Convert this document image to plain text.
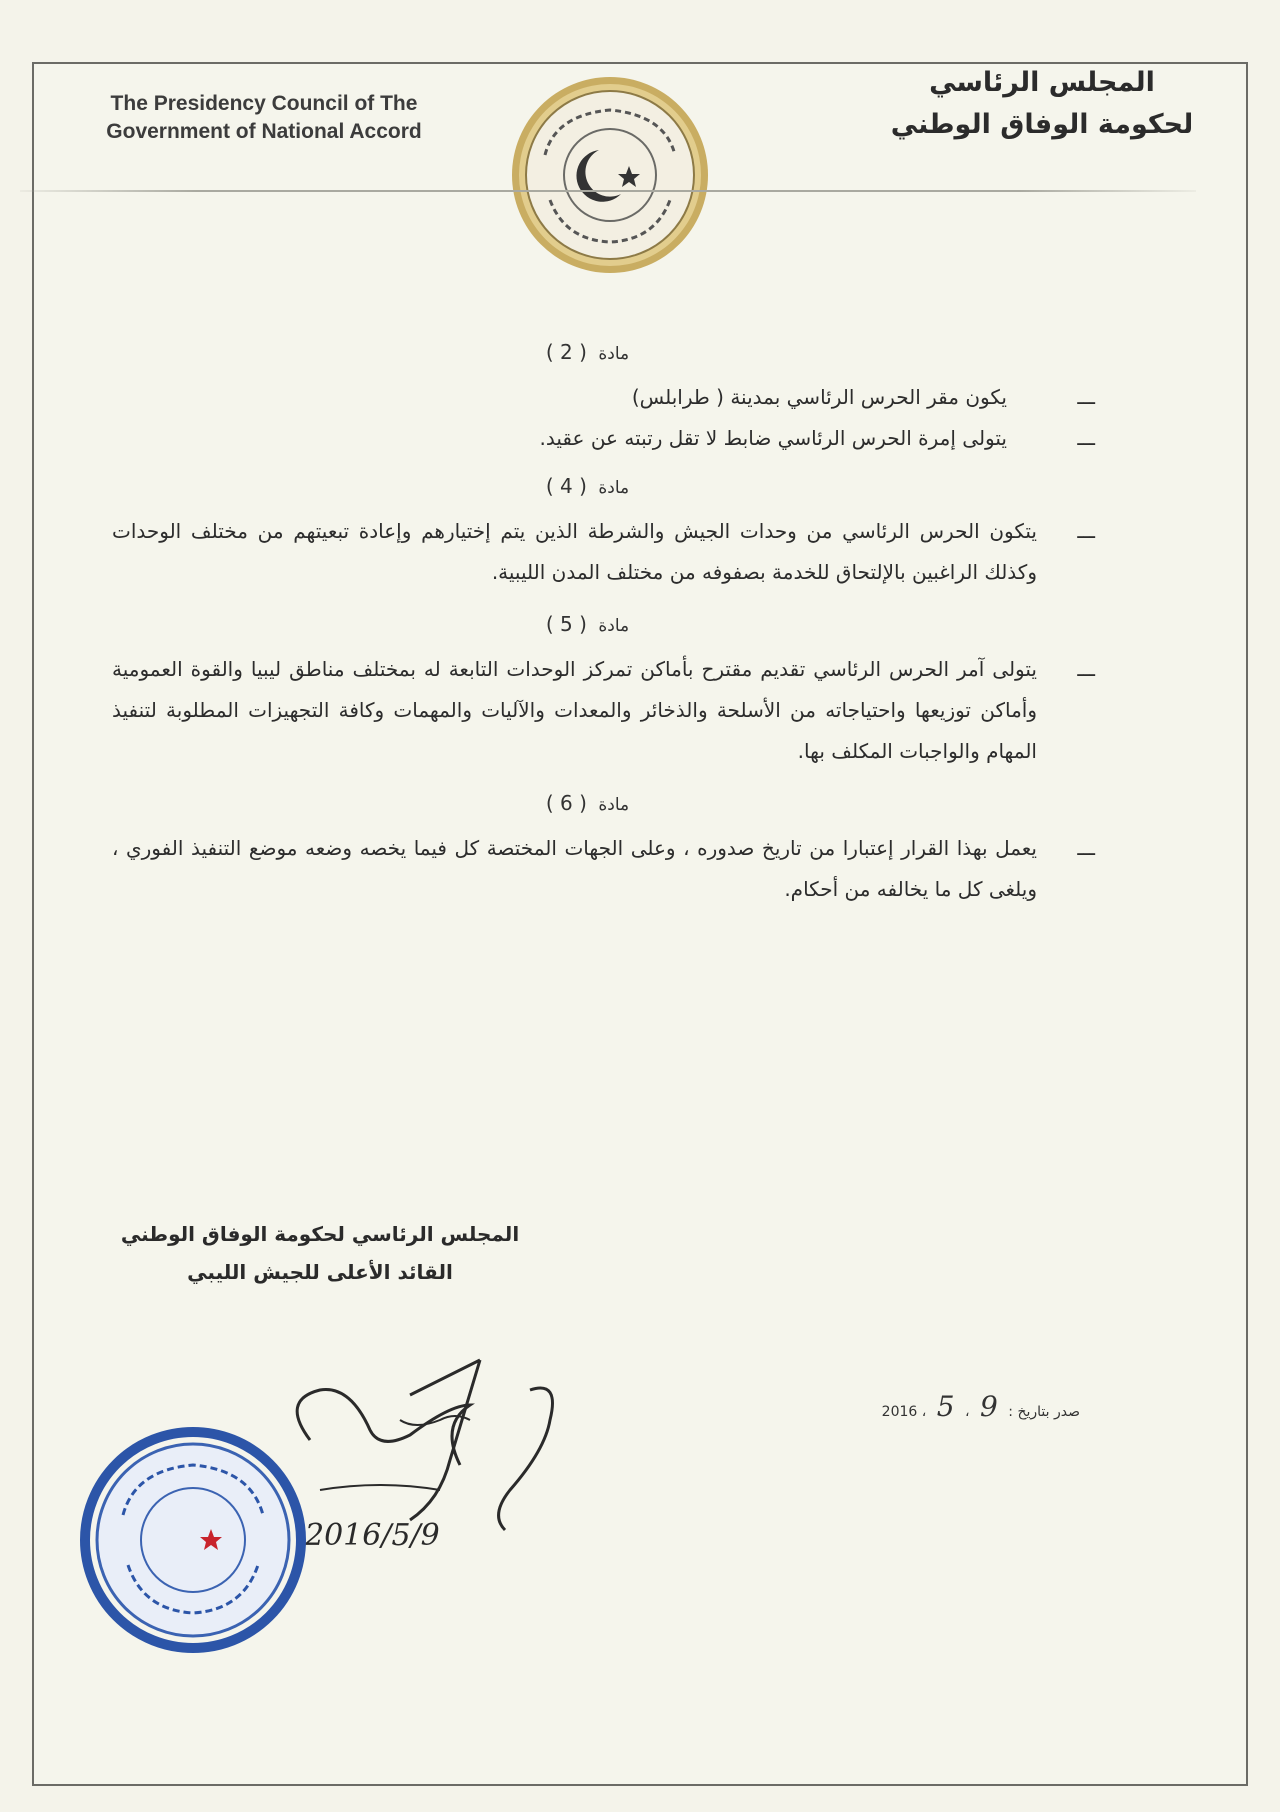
The Presidency Council of The
Government of National Accord
المجلس الرئاسي
لحكومة الوفاق الوطني
مادة ( 2 )
ـــ
يكون مقر الحرس الرئاسي بمدينة ( طرابلس)
ـــ
يتولى إمرة الحرس الرئاسي ضابط لا تقل رتبته عن عقيد.
مادة ( 4 )
ـــ
يتكون الحرس الرئاسي من وحدات الجيش والشرطة الذين يتم إختيارهم وإعادة تبعيتهم من مختلف الوحدات وكذلك الراغبين بالإلتحاق للخدمة بصفوفه من مختلف المدن الليبية.
مادة ( 5 )
ـــ
يتولى آمر الحرس الرئاسي تقديم مقترح بأماكن تمركز الوحدات التابعة له بمختلف مناطق ليبيا والقوة العمومية وأماكن توزيعها واحتياجاته من الأسلحة والذخائر والمعدات والآليات والمهمات وكافة التجهيزات المطلوبة لتنفيذ المهام والواجبات المكلف بها.
مادة ( 6 )
ـــ
يعمل بهذا القرار إعتبارا من تاريخ صدوره ، وعلى الجهات المختصة كل فيما يخصه وضعه موضع التنفيذ الفوري ، ويلغى كل ما يخالفه من أحكام.
المجلس الرئاسي لحكومة الوفاق الوطني
القائد الأعلى للجيش الليبي
صدر بتاريخ : 9 ، 5 ، 2016
2016/5/9
